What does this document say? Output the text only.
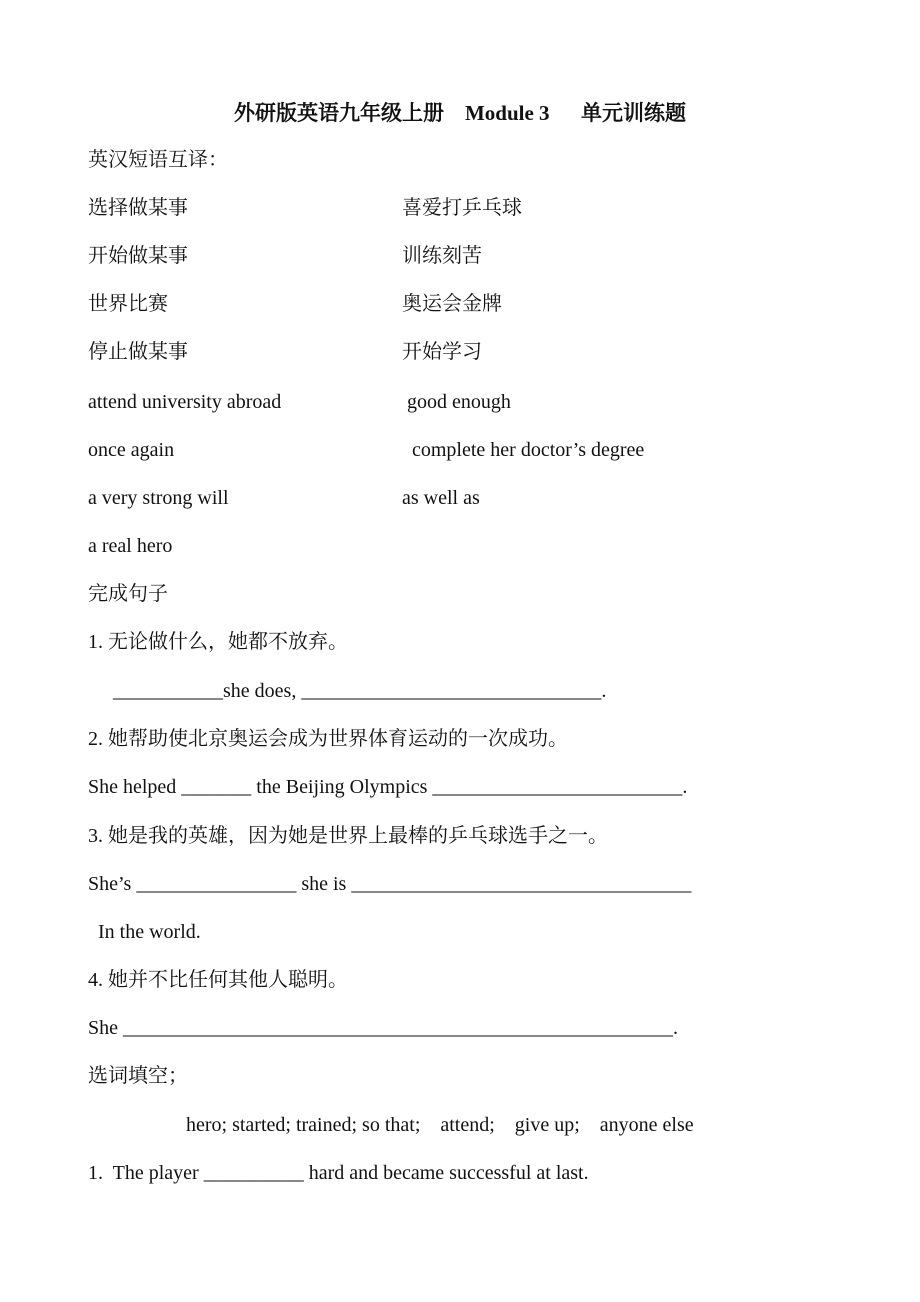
外研版英语九年级上册    Module 3      单元训练题
英汉短语互译：
选择做某事	喜爱打乒乓球
开始做某事	训练刻苦
世界比赛	奥运会金牌
停止做某事	开始学习
attend university abroad	good enough
once again	complete her doctor’s degree
a very strong will	as well as
a real hero
完成句子
1. 无论做什么，她都不放弃。
___________she does, ______________________________.
2. 她帮助使北京奥运会成为世界体育运动的一次成功。
She helped _______ the Beijing Olympics _________________________.
3. 她是我的英雄，因为她是世界上最棒的乒乓球选手之一。
She’s ________________ she is __________________________________
In the world.
4. 她并不比任何其他人聪明。
She _______________________________________________________.
选词填空；
hero; started; trained; so that;    attend;    give up;    anyone else
1.  The player __________ hard and became successful at last.
